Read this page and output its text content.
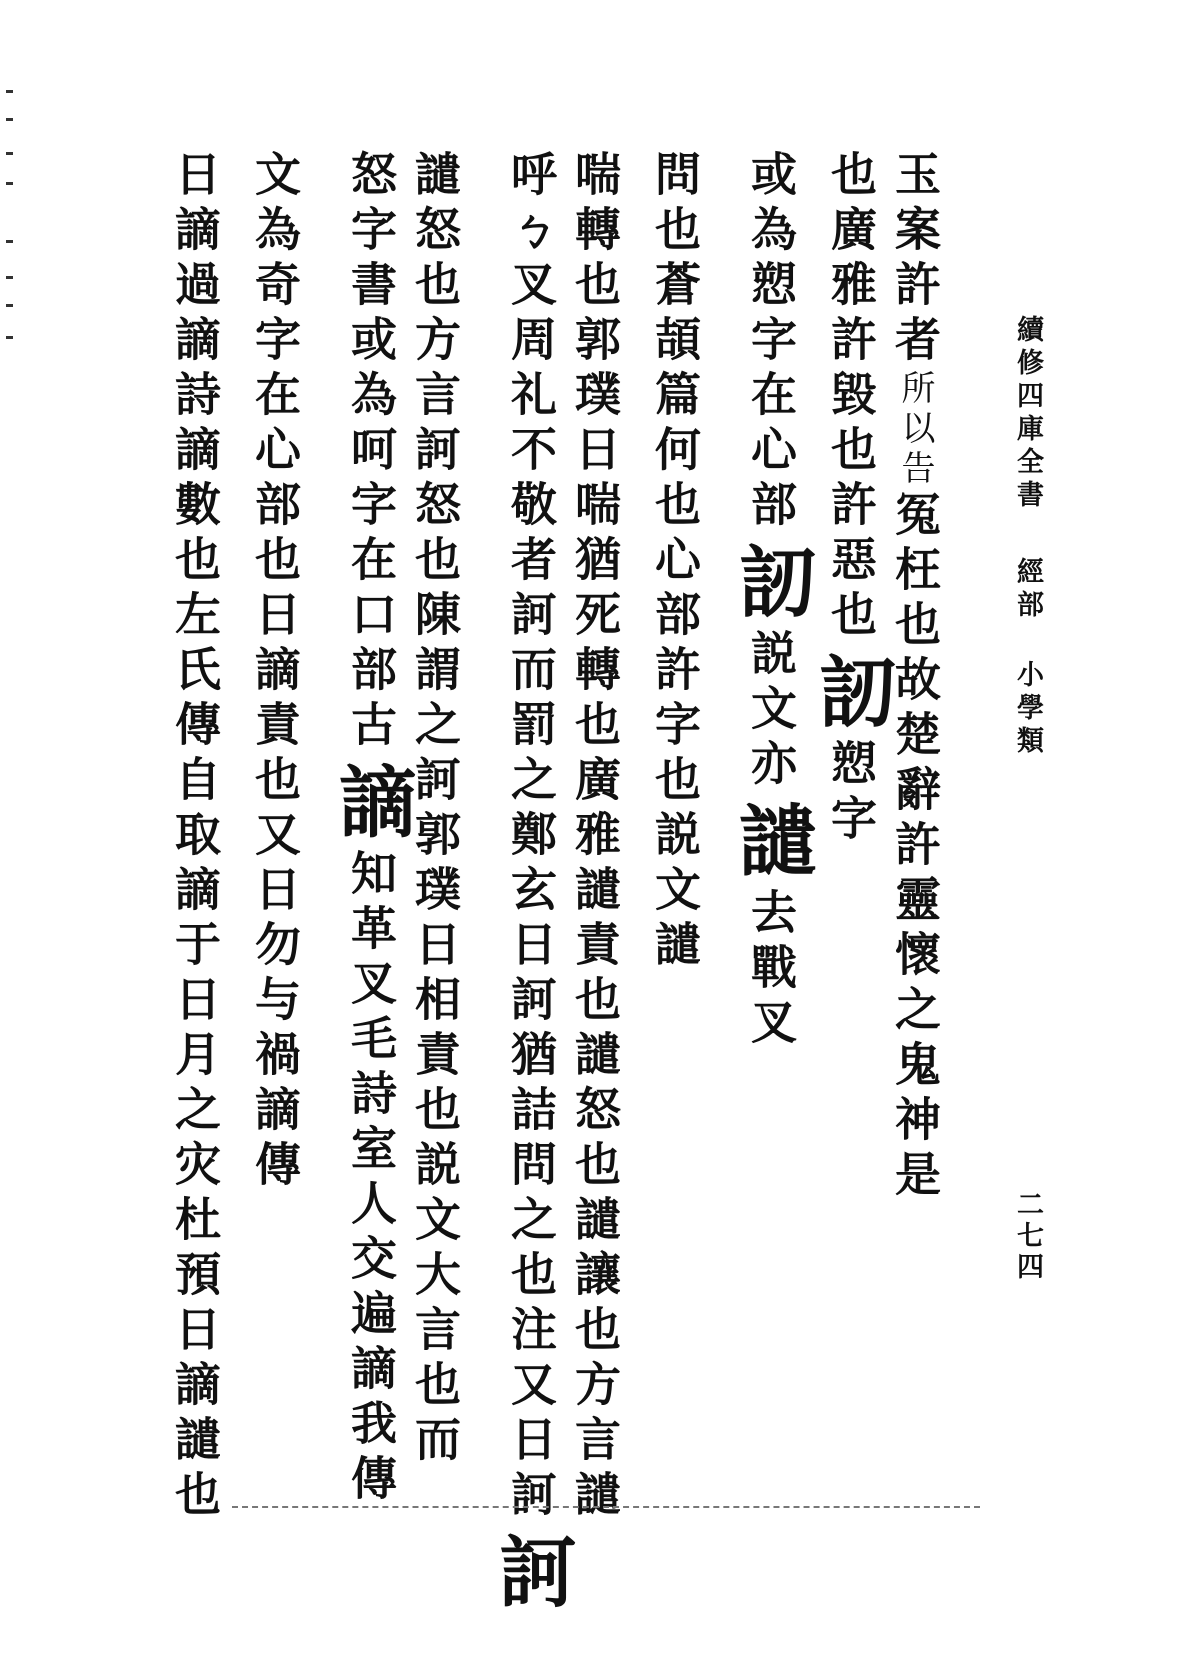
續修四庫全書經部 小學類
二七四
玉案許者所以告冤枉也故楚辭許靈懷之鬼神是
也廣雅許毀也許惡也訒愬字
或為愬字在心部訒説文亦譴去戰叉
問也蒼頡篇何也心部許字也説文譴
喘轉也郭璞日喘猶死轉也廣雅譴責也譴怒也譴讓也方言譴
呼ㄅ叉周礼不敬者訶而罰之鄭玄日訶猶詰問之也注又日訶訶
譴怒也方言訶怒也陳謂之訶郭璞日相責也説文大言也而
怒字書或為呵字在口部古謫知革叉毛詩室人交遍謫我傳
文為奇字在心部也日謫責也又日勿与禍謫傳
日謫過謫詩謫數也左氏傳自取謫于日月之灾杜預日謫譴也
